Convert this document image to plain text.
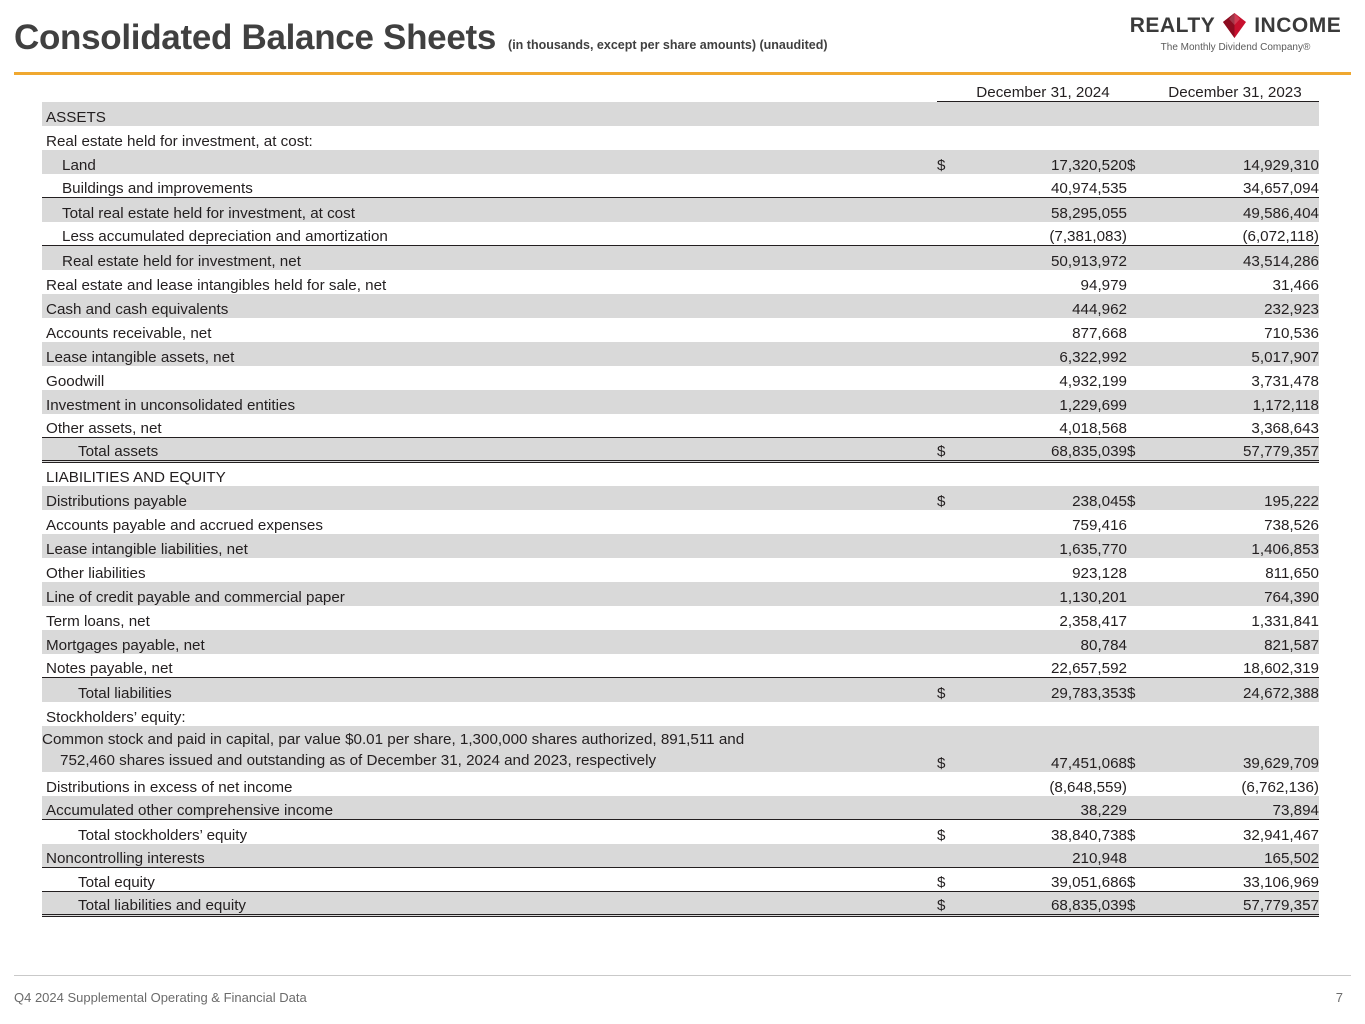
Consolidated Balance Sheets (in thousands, except per share amounts) (unaudited)
REALTY INCOME
The Monthly Dividend Company®
		December 31, 2024		December 31, 2023
ASSETS				
Real estate held for investment, at cost:				
Land	$	17,320,520	$	14,929,310
Buildings and improvements		40,974,535		34,657,094
Total real estate held for investment, at cost		58,295,055		49,586,404
Less accumulated depreciation and amortization		(7,381,083)		(6,072,118)
Real estate held for investment, net		50,913,972		43,514,286
Real estate and lease intangibles held for sale, net		94,979		31,466
Cash and cash equivalents		444,962		232,923
Accounts receivable, net		877,668		710,536
Lease intangible assets, net		6,322,992		5,017,907
Goodwill		4,932,199		3,731,478
Investment in unconsolidated entities		1,229,699		1,172,118
Other assets, net		4,018,568		3,368,643
Total assets	$	68,835,039	$	57,779,357
LIABILITIES AND EQUITY				
Distributions payable	$	238,045	$	195,222
Accounts payable and accrued expenses		759,416		738,526
Lease intangible liabilities, net		1,635,770		1,406,853
Other liabilities		923,128		811,650
Line of credit payable and commercial paper		1,130,201		764,390
Term loans, net		2,358,417		1,331,841
Mortgages payable, net		80,784		821,587
Notes payable, net		22,657,592		18,602,319
Total liabilities	$	29,783,353	$	24,672,388
Stockholders’ equity:				
Common stock and paid in capital, par value $0.01 per share, 1,300,000 shares authorized, 891,511 and
752,460 shares issued and outstanding as of December 31, 2024 and 2023, respectively	$	47,451,068	$	39,629,709
Distributions in excess of net income		(8,648,559)		(6,762,136)
Accumulated other comprehensive income		38,229		73,894
Total stockholders’ equity	$	38,840,738	$	32,941,467
Noncontrolling interests		210,948		165,502
Total equity	$	39,051,686	$	33,106,969
Total liabilities and equity	$	68,835,039	$	57,779,357
Q4 2024 Supplemental Operating & Financial Data	7
